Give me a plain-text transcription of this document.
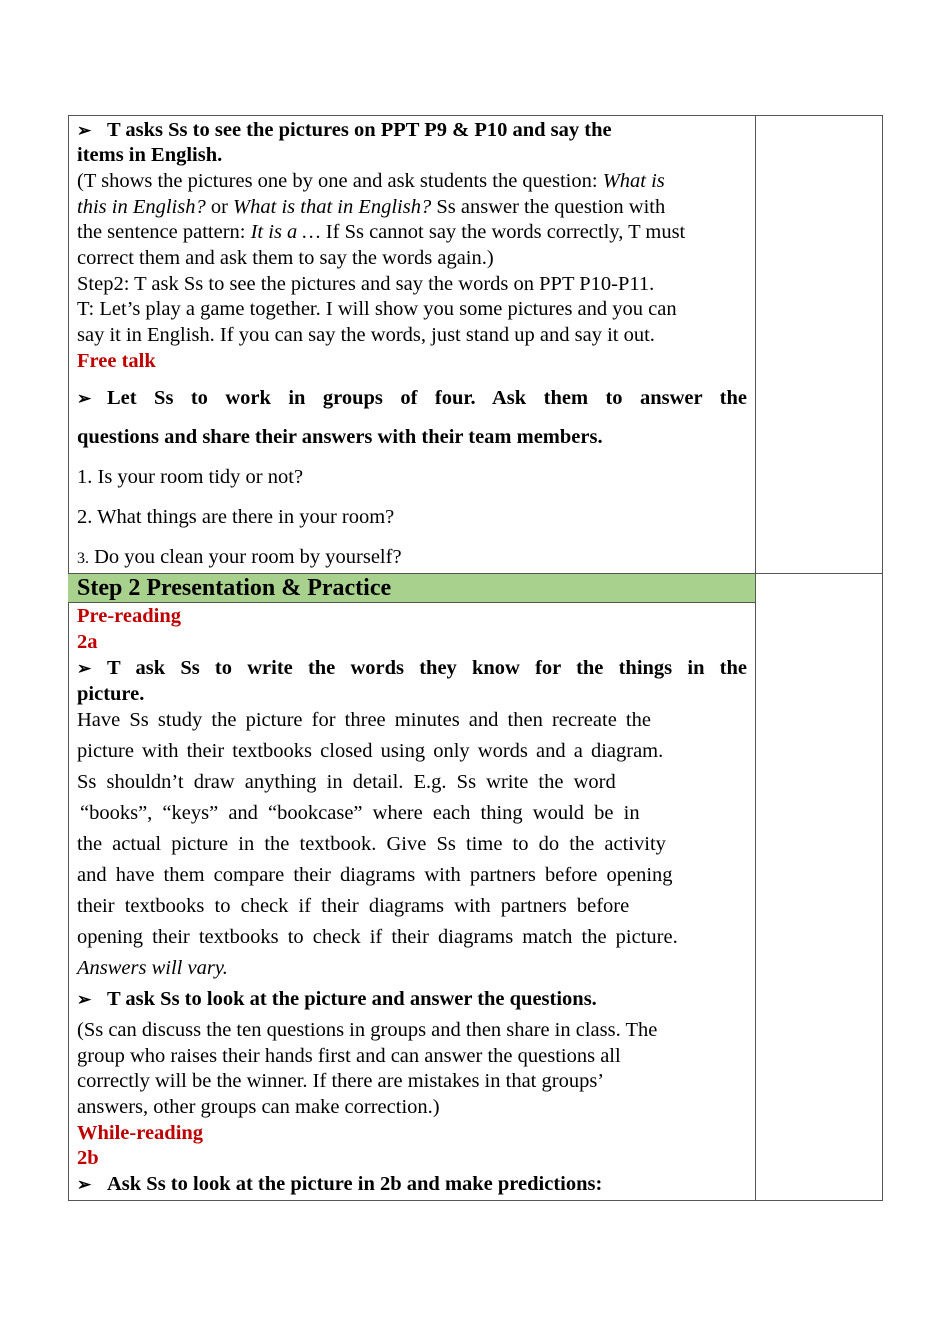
➢ T asks Ss to see the pictures on PPT P9 & P10 and say the
items in English.
(T shows the pictures one by one and ask students the question: What is
this in English? or What is that in English? Ss answer the question with
the sentence pattern: It is a … If Ss cannot say the words correctly, T must
correct them and ask them to say the words again.)
Step2: T ask Ss to see the pictures and say the words on PPT P10-P11.
T: Let’s play a game together. I will show you some pictures and you can
say it in English. If you can say the words, just stand up and say it out.
Free talk
➢ Let Ss to work in groups of four. Ask them to answer the
questions and share their answers with their team members.
1. Is your room tidy or not?
2. What things are there in your room?
3. Do you clean your room by yourself?
Step 2 Presentation & Practice
Pre-reading
2a
➢ T ask Ss to write the words they know for the things in the
picture.
Have Ss study the picture for three minutes and then recreate the
picture with their textbooks closed using only words and a diagram.
Ss shouldn’t draw anything in detail. E.g. Ss write the word
“books”, “keys” and “bookcase” where each thing would be in
the actual picture in the textbook. Give Ss time to do the activity
and have them compare their diagrams with partners before opening
their textbooks to check if their diagrams with partners before
opening their textbooks to check if their diagrams match the picture.
Answers will vary.
➢ T ask Ss to look at the picture and answer the questions.
(Ss can discuss the ten questions in groups and then share in class. The
group who raises their hands first and can answer the questions all
correctly will be the winner. If there are mistakes in that groups’
answers, other groups can make correction.)
While-reading
2b
➢ Ask Ss to look at the picture in 2b and make predictions:
